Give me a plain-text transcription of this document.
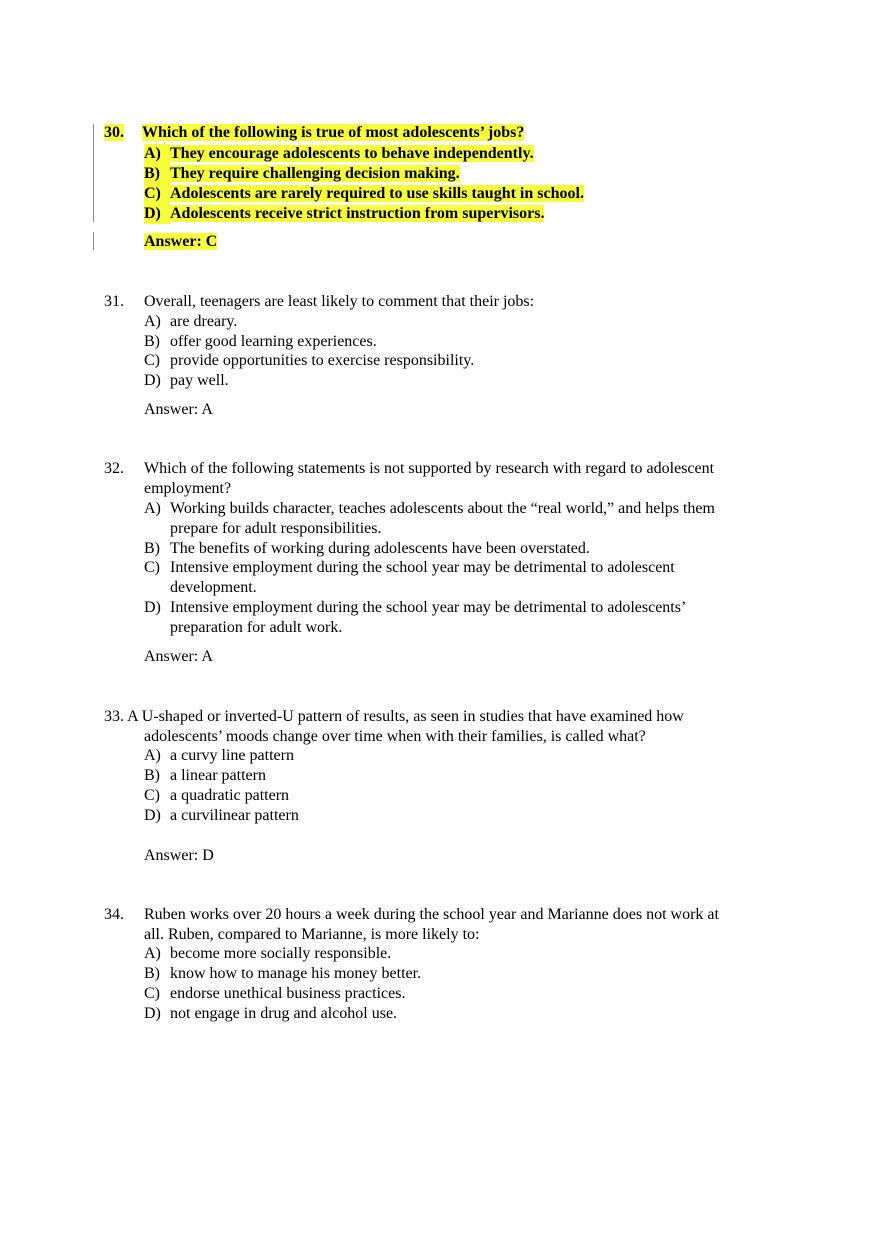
30. Which of the following is true of most adolescents’ jobs?
A) They encourage adolescents to behave independently.
B) They require challenging decision making.
C) Adolescents are rarely required to use skills taught in school.
D) Adolescents receive strict instruction from supervisors.
Answer: C
31. Overall, teenagers are least likely to comment that their jobs:
A) are dreary.
B) offer good learning experiences.
C) provide opportunities to exercise responsibility.
D) pay well.
Answer: A
32. Which of the following statements is not supported by research with regard to adolescent
employment?
A) Working builds character, teaches adolescents about the “real world,” and helps them
prepare for adult responsibilities.
B) The benefits of working during adolescents have been overstated.
C) Intensive employment during the school year may be detrimental to adolescent
development.
D) Intensive employment during the school year may be detrimental to adolescents’
preparation for adult work.
Answer: A
33. A U-shaped or inverted-U pattern of results, as seen in studies that have examined how
adolescents’ moods change over time when with their families, is called what?
A) a curvy line pattern
B) a linear pattern
C) a quadratic pattern
D) a curvilinear pattern
Answer: D
34. Ruben works over 20 hours a week during the school year and Marianne does not work at
all. Ruben, compared to Marianne, is more likely to:
A) become more socially responsible.
B) know how to manage his money better.
C) endorse unethical business practices.
D) not engage in drug and alcohol use.
